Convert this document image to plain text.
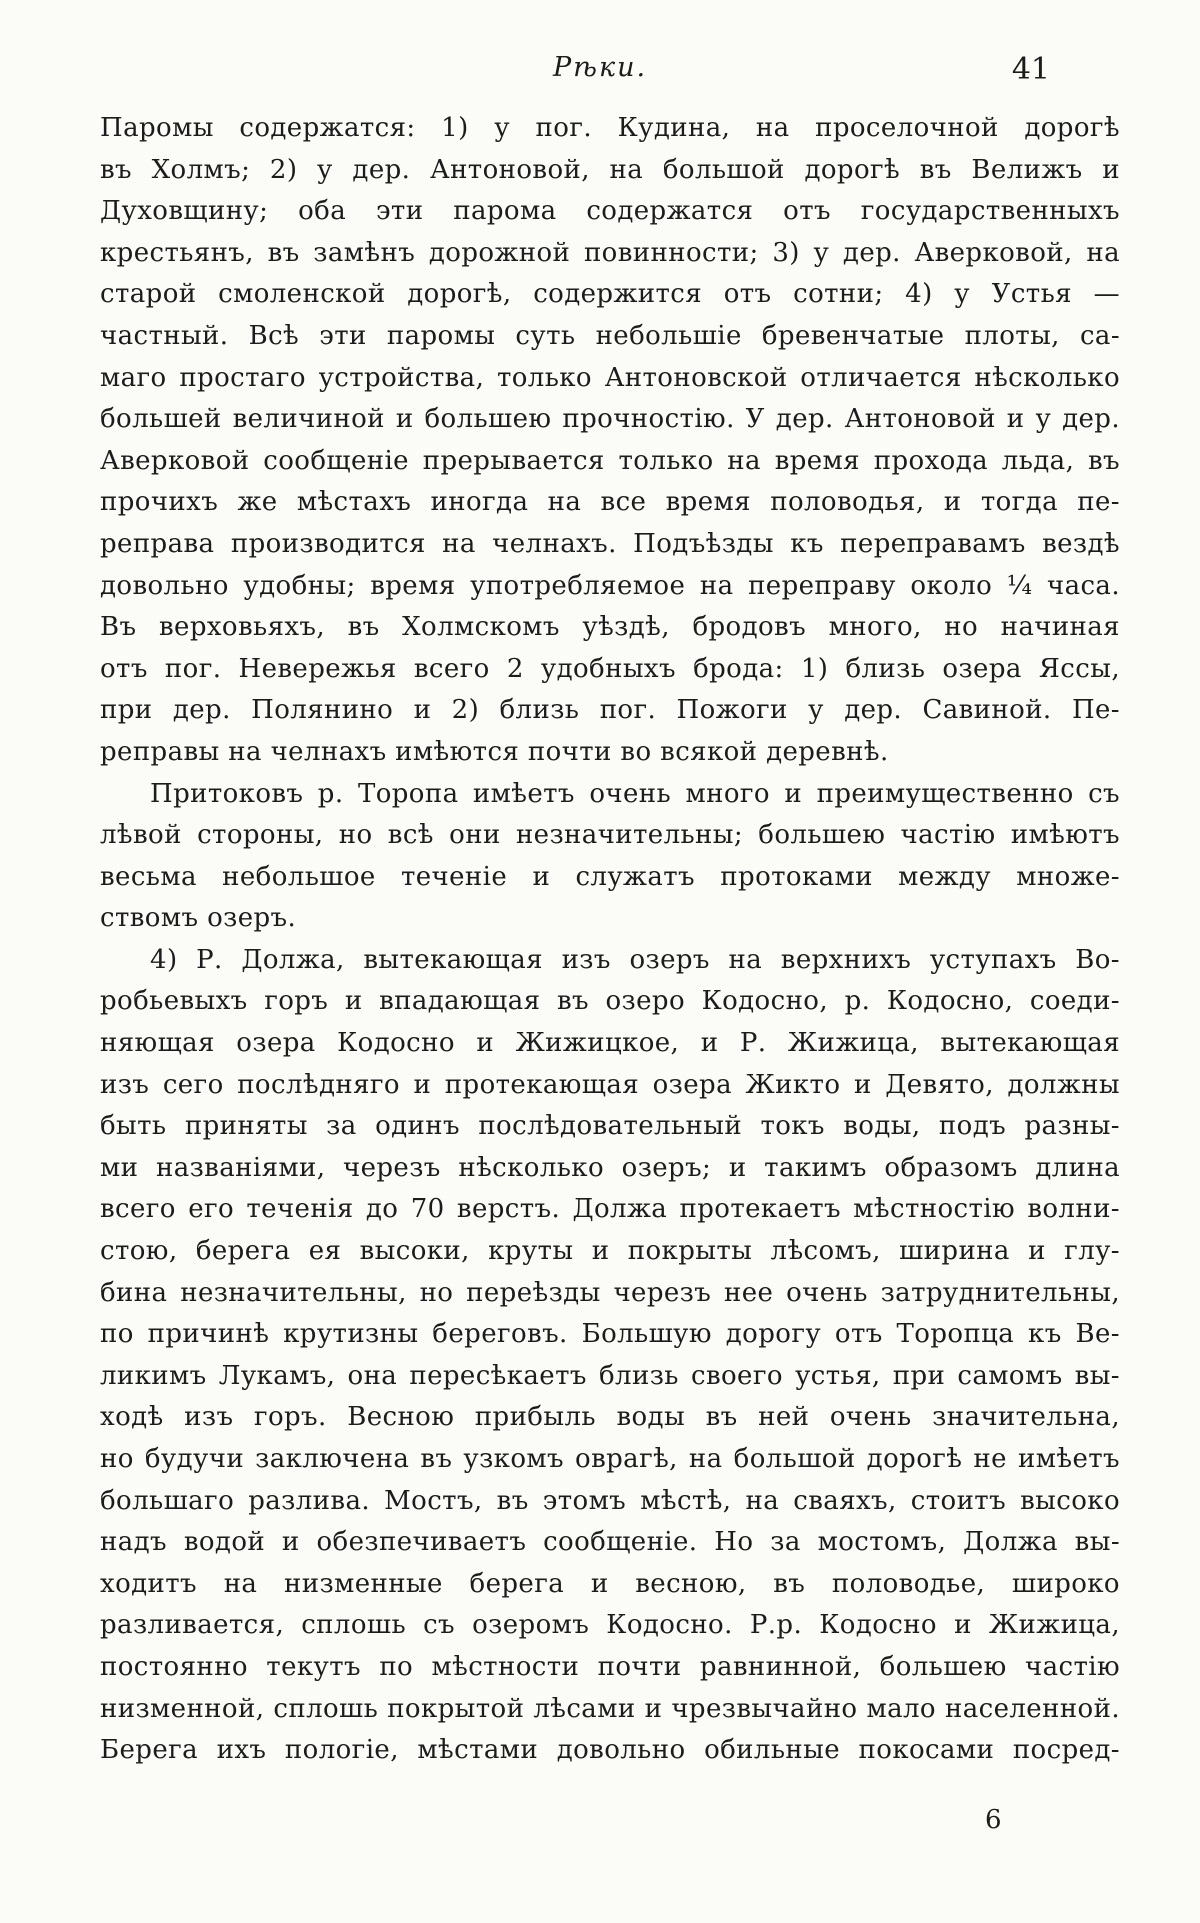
Рѣки.	41
Паромы содержатся: 1) у пог. Кудина, на проселочной дорогѣ
въ Холмъ; 2) у дер. Антоновой, на большой дорогѣ въ Велижъ и
Духовщину; оба эти парома содержатся отъ государственныхъ
крестьянъ, въ замѣнъ дорожной повинности; 3) у дер. Аверковой, на
старой смоленской дорогѣ, содержится отъ сотни; 4) у Устья —
частный. Всѣ эти паромы суть небольшіе бревенчатые плоты, са-
маго простаго устройства, только Антоновской отличается нѣсколько
большей величиной и большею прочностію. У дер. Антоновой и у дер.
Аверковой сообщеніе прерывается только на время прохода льда, въ
прочихъ же мѣстахъ иногда на все время половодья, и тогда пе-
реправа производится на челнахъ. Подъѣзды къ переправамъ вездѣ
довольно удобны; время употребляемое на переправу около ¼ часа.
Въ верховьяхъ, въ Холмскомъ уѣздѣ, бродовъ много, но начиная
отъ пог. Невережья всего 2 удобныхъ брода: 1) близь озера Яссы,
при дер. Полянино и 2) близь пог. Пожоги у дер. Савиной. Пе-
реправы на челнахъ имѣются почти во всякой деревнѣ.
Притоковъ р. Торопа имѣетъ очень много и преимущественно съ
лѣвой стороны, но всѣ они незначительны; большею частію имѣютъ
весьма небольшое теченіе и служатъ протоками между множе-
ствомъ озеръ.
4) Р. Должа, вытекающая изъ озеръ на верхнихъ уступахъ Во-
робьевыхъ горъ и впадающая въ озеро Кодосно, р. Кодосно, соеди-
няющая озера Кодосно и Жижицкое, и Р. Жижица, вытекающая
изъ сего послѣдняго и протекающая озера Жикто и Девято, должны
быть приняты за одинъ послѣдовательный токъ воды, подъ разны-
ми названіями, черезъ нѣсколько озеръ; и такимъ образомъ длина
всего его теченія до 70 верстъ. Должа протекаетъ мѣстностію волни-
стою, берега ея высоки, круты и покрыты лѣсомъ, ширина и глу-
бина незначительны, но переѣзды черезъ нее очень затруднительны,
по причинѣ крутизны береговъ. Большую дорогу отъ Торопца къ Ве-
ликимъ Лукамъ, она пересѣкаетъ близь своего устья, при самомъ вы-
ходѣ изъ горъ. Весною прибыль воды въ ней очень значительна,
но будучи заключена въ узкомъ оврагѣ, на большой дорогѣ не имѣетъ
большаго разлива. Мостъ, въ этомъ мѣстѣ, на сваяхъ, стоитъ высоко
надъ водой и обезпечиваетъ сообщеніе. Но за мостомъ, Должа вы-
ходитъ на низменные берега и весною, въ половодье, широко
разливается, сплошь съ озеромъ Кодосно. Р.р. Кодосно и Жижица,
постоянно текутъ по мѣстности почти равнинной, большею частію
низменной, сплошь покрытой лѣсами и чрезвычайно мало населенной.
Берега ихъ пологіе, мѣстами довольно обильные покосами посред-
6
